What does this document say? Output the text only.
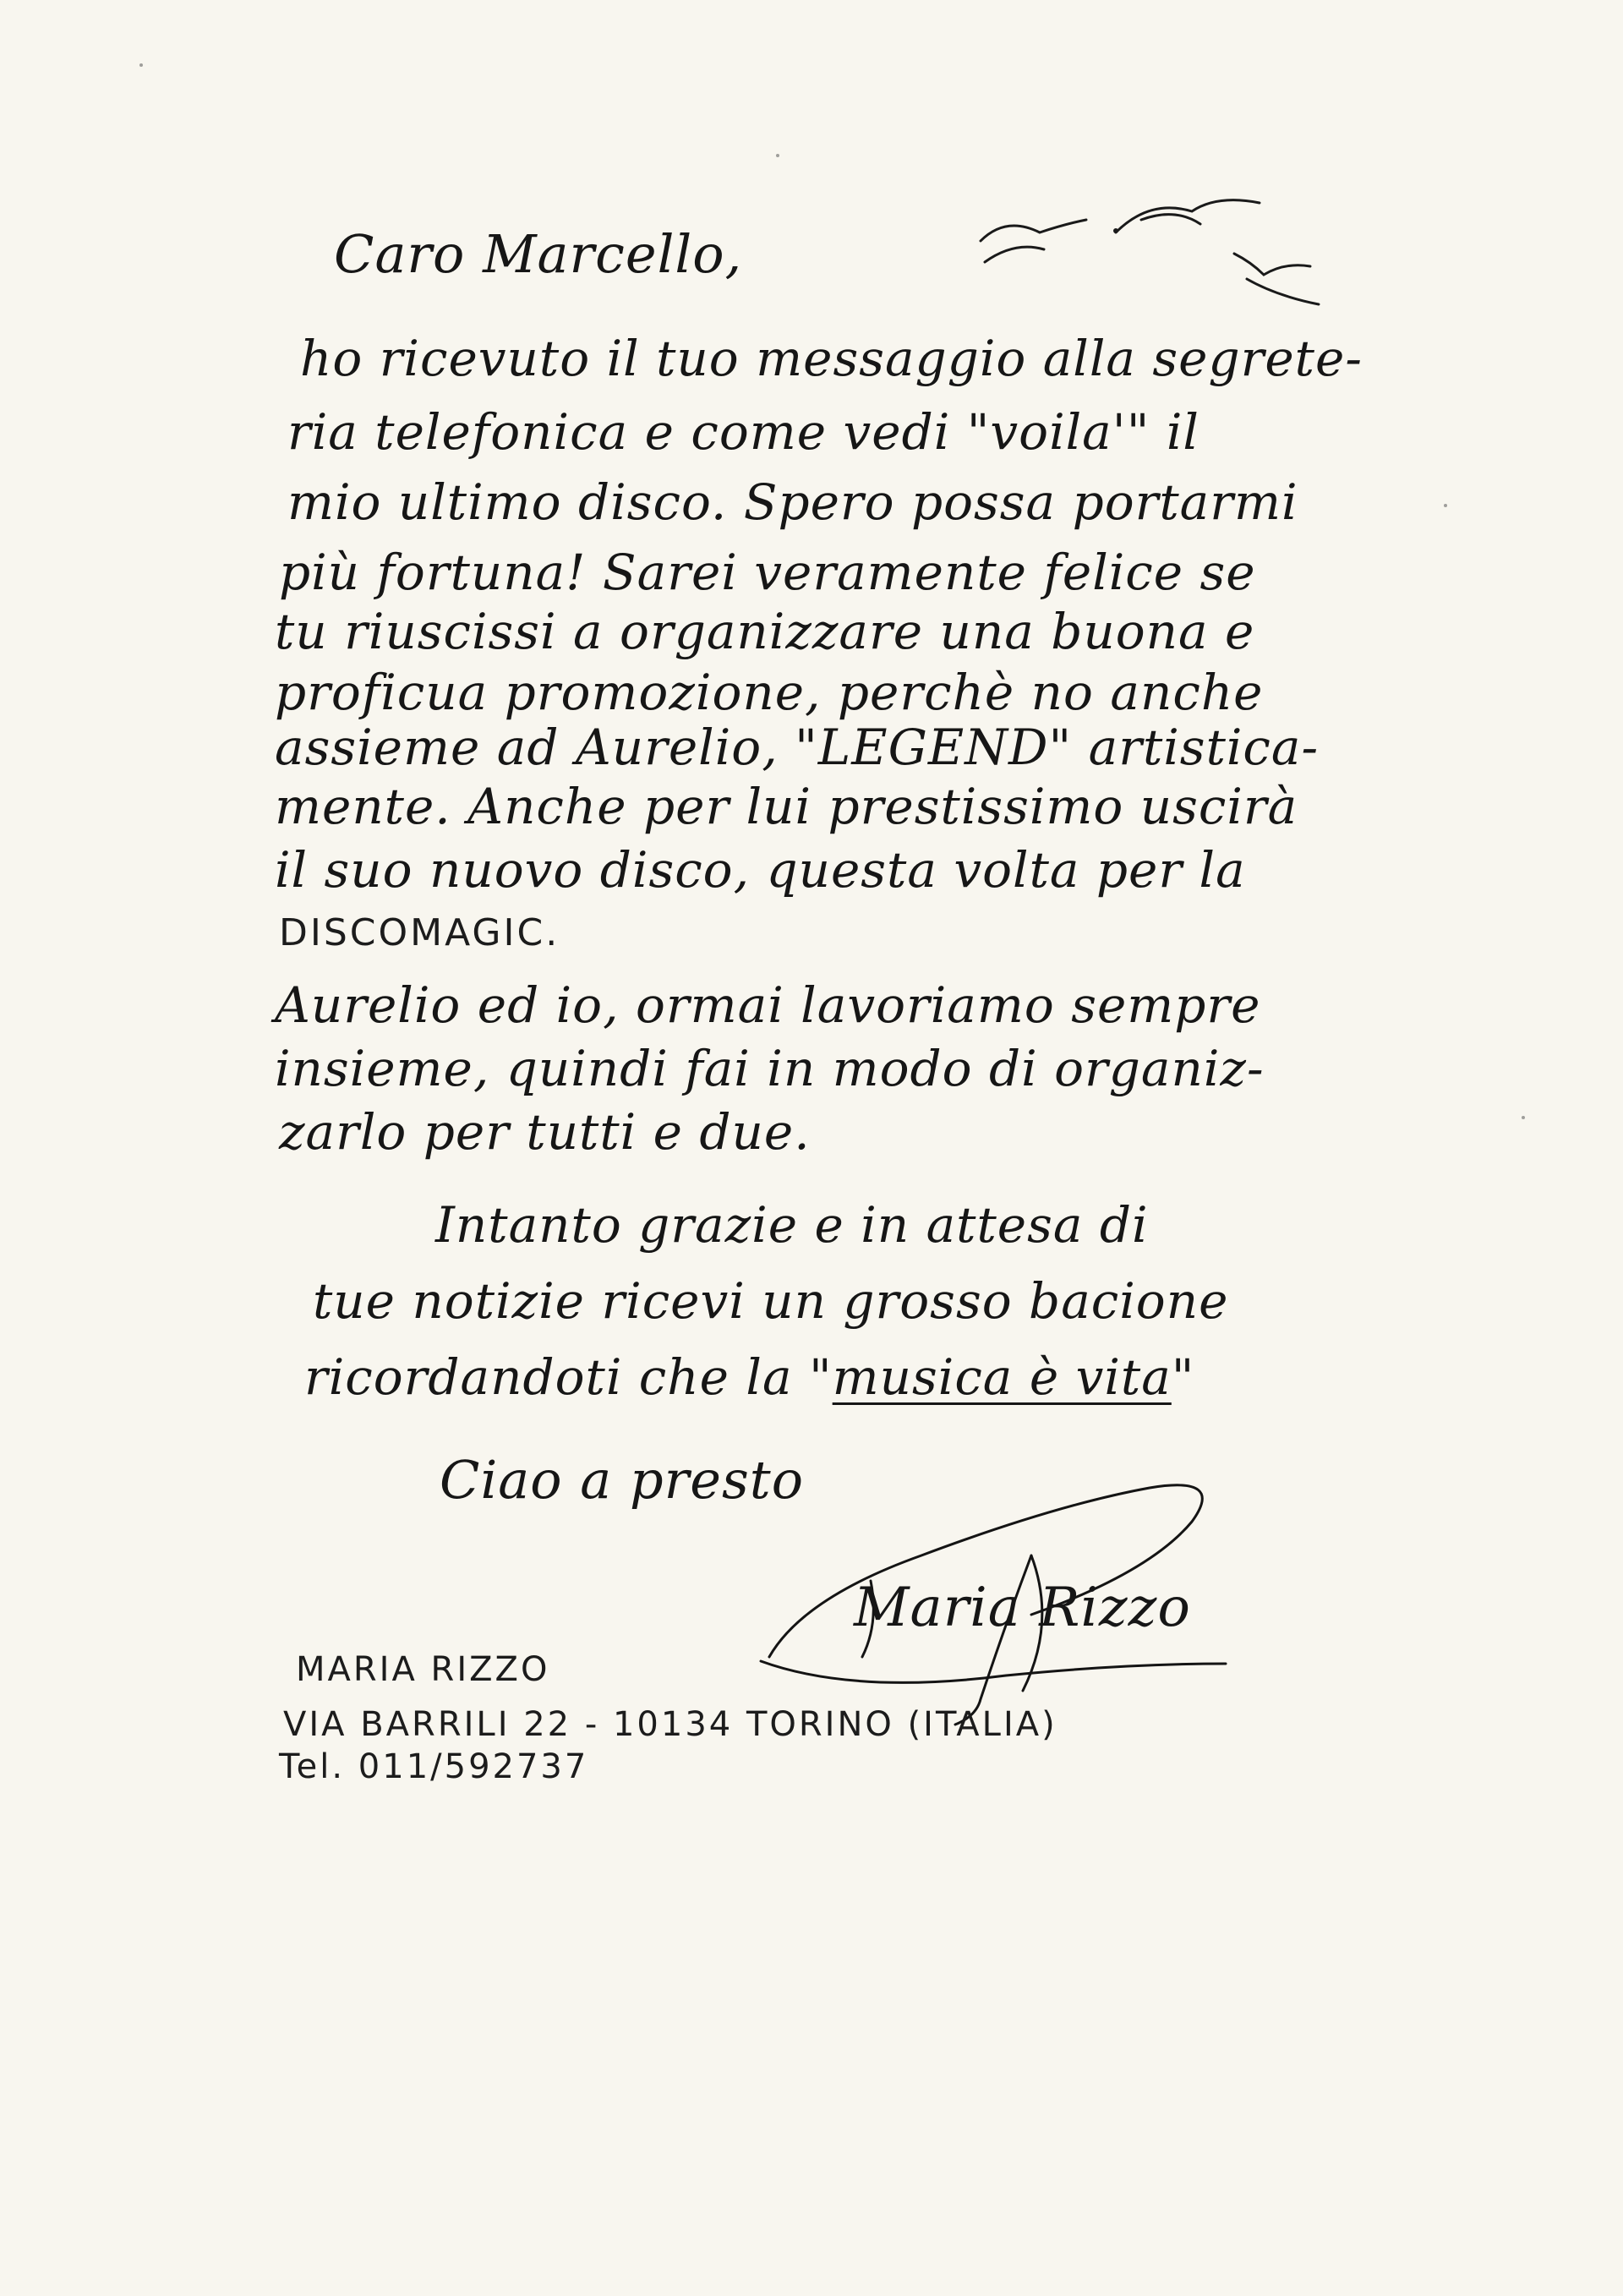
Caro Marcello,
ho ricevuto il tuo messaggio alla segrete-
ria telefonica e come vedi "voila'" il
mio ultimo disco. Spero possa portarmi
più fortuna! Sarei veramente felice se
tu riuscissi a organizzare una buona e
proficua promozione, perchè no anche
assieme ad Aurelio, "LEGEND" artistica-
mente. Anche per lui prestissimo uscirà
il suo nuovo disco, questa volta per la
DISCOMAGIC.
Aurelio ed io, ormai lavoriamo sempre
insieme, quindi fai in modo di organiz-
zarlo per tutti e due.
Intanto grazie e in attesa di
tue notizie ricevi un grosso bacione
ricordandoti che la "musica è vita"
Ciao a presto
Maria Rizzo
MARIA RIZZO
VIA BARRILI 22 - 10134 TORINO (ITALIA)
Tel. 011/592737
